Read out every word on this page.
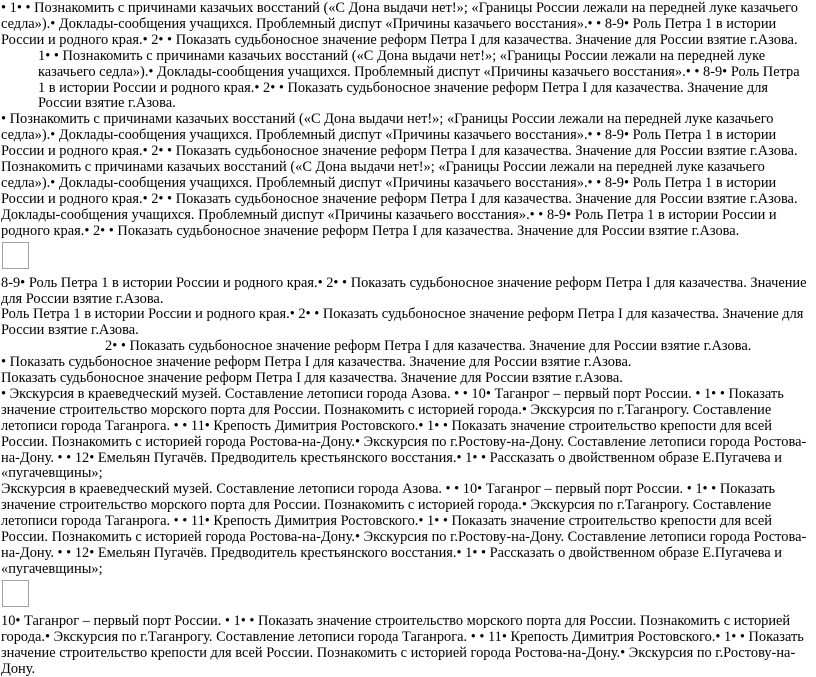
• 1• • Познакомить с причинами казачьих восстаний («С Дона выдачи нет!»; «Границы России лежали на передней луке казачьего седла»).• Доклады-сообщения учащихся. Проблемный диспут «Причины казачьего восстания».• • 8-9• Роль Петра 1 в истории России и родного края.• 2• • Показать судьбоносное значение реформ Петра I для казачества. Значение для России взятие г.Азова.

1• • Познакомить с причинами казачьих восстаний («С Дона выдачи нет!»; «Границы России лежали на передней луке казачьего седла»).• Доклады-сообщения учащихся. Проблемный диспут «Причины казачьего восстания».• • 8-9• Роль Петра 1 в истории России и родного края.• 2• • Показать судьбоносное значение реформ Петра I для казачества. Значение для России взятие г.Азова.

• Познакомить с причинами казачьих восстаний («С Дона выдачи нет!»; «Границы России лежали на передней луке казачьего седла»).• Доклады-сообщения учащихся. Проблемный диспут «Причины казачьего восстания».• • 8-9• Роль Петра 1 в истории России и родного края.• 2• • Показать судьбоносное значение реформ Петра I для казачества. Значение для России взятие г.Азова.

Познакомить с причинами казачьих восстаний («С Дона выдачи нет!»; «Границы России лежали на передней луке казачьего седла»).• Доклады-сообщения учащихся. Проблемный диспут «Причины казачьего восстания».• • 8-9• Роль Петра 1 в истории России и родного края.• 2• • Показать судьбоносное значение реформ Петра I для казачества. Значение для России взятие г.Азова.

Доклады-сообщения учащихся. Проблемный диспут «Причины казачьего восстания».• • 8-9• Роль Петра 1 в истории России и родного края.• 2• • Показать судьбоносное значение реформ Петра I для казачества. Значение для России взятие г.Азова.

8-9• Роль Петра 1 в истории России и родного края.• 2• • Показать судьбоносное значение реформ Петра I для казачества. Значение для России взятие г.Азова.

Роль Петра 1 в истории России и родного края.• 2• • Показать судьбоносное значение реформ Петра I для казачества. Значение для России взятие г.Азова.

2• • Показать судьбоносное значение реформ Петра I для казачества. Значение для России взятие г.Азова.

• Показать судьбоносное значение реформ Петра I для казачества. Значение для России взятие г.Азова.

Показать судьбоносное значение реформ Петра I для казачества. Значение для России взятие г.Азова.

• Экскурсия в краеведческий музей. Составление летописи города Азова. • • 10• Таганрог – первый порт России. • 1• • Показать значение строительство морского порта для России. Познакомить с историей города.• Экскурсия по г.Таганрогу. Составление летописи города Таганрога. • • 11• Крепость Димитрия Ростовского.• 1• • Показать значение строительство крепости для всей России. Познакомить с историей города Ростова-на-Дону.• Экскурсия по г.Ростову-на-Дону. Составление летописи города Ростова-на-Дону. • • 12• Емельян Пугачёв. Предводитель крестьянского восстания.• 1• • Рассказать о двойственном образе Е.Пугачева и «пугачевщины»;

Экскурсия в краеведческий музей. Составление летописи города Азова. • • 10• Таганрог – первый порт России. • 1• • Показать значение строительство морского порта для России. Познакомить с историей города.• Экскурсия по г.Таганрогу. Составление летописи города Таганрога. • • 11• Крепость Димитрия Ростовского.• 1• • Показать значение строительство крепости для всей России. Познакомить с историей города Ростова-на-Дону.• Экскурсия по г.Ростову-на-Дону. Составление летописи города Ростова-на-Дону. • • 12• Емельян Пугачёв. Предводитель крестьянского восстания.• 1• • Рассказать о двойственном образе Е.Пугачева и «пугачевщины»;

10• Таганрог – первый порт России. • 1• • Показать значение строительство морского порта для России. Познакомить с историей города.• Экскурсия по г.Таганрогу. Составление летописи города Таганрога. • • 11• Крепость Димитрия Ростовского.• 1• • Показать значение строительство крепости для всей России. Познакомить с историей города Ростова-на-Дону.• Экскурсия по г.Ростову-на-Дону.
